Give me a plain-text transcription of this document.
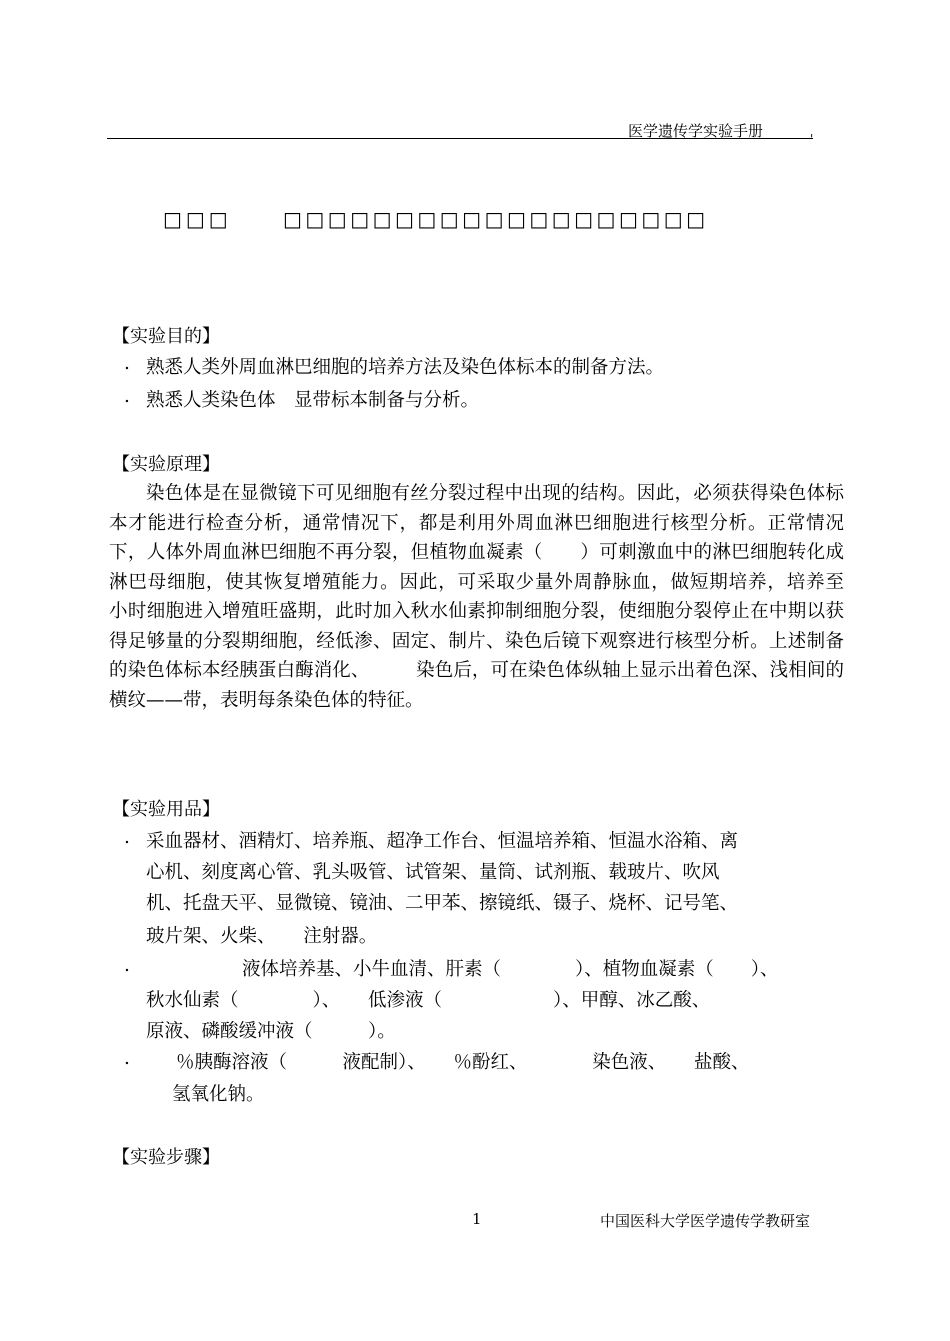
医学遗传学实验手册	'
□□□	□□□□□□□□□□□□□□□□□□□
【实验目的】
. 熟悉人类外周血淋巴细胞的培养方法及染色体标本的制备方法。
. 熟悉人类染色体　显带标本制备与分析。
【实验原理】
染色体是在显微镜下可见细胞有丝分裂过程中出现的结构。因此，必须获得染色体标本才能进行检查分析，通常情况下，都是利用外周血淋巴细胞进行核型分析。正常情况下，人体外周血淋巴细胞不再分裂，但植物血凝素（　　）可刺激血中的淋巴细胞转化成淋巴母细胞，使其恢复增殖能力。因此，可采取少量外周静脉血，做短期培养，培养至　　小时细胞进入增殖旺盛期，此时加入秋水仙素抑制细胞分裂，使细胞分裂停止在中期以获得足够量的分裂期细胞，经低渗、固定、制片、染色后镜下观察进行核型分析。上述制备的染色体标本经胰蛋白酶消化、　　　染色后，可在染色体纵轴上显示出着色深、浅相间的横纹——带，表明每条染色体的特征。
【实验用品】
. 采血器材、酒精灯、培养瓶、超净工作台、恒温培养箱、恒温水浴箱、离
心机、刻度离心管、乳头吸管、试管架、量筒、试剂瓶、载玻片、吹风
机、托盘天平、显微镜、镜油、二甲苯、擦镜纸、镊子、烧杯、记号笔、
玻片架、火柴、　　注射器。
.	液体培养基、小牛血清、肝素（　　　　）、植物血凝素（　　）、
秋水仙素（　　　　）、　　低渗液（　　　　　　）、甲醇、冰乙酸、
原液、磷酸缓冲液（　　　）。
. ％胰酶溶液（　　　液配制）、　　％酚红、　　　　染色液、　　盐酸、
氢氧化钠。
【实验步骤】
1	中国医科大学医学遗传学教研室
